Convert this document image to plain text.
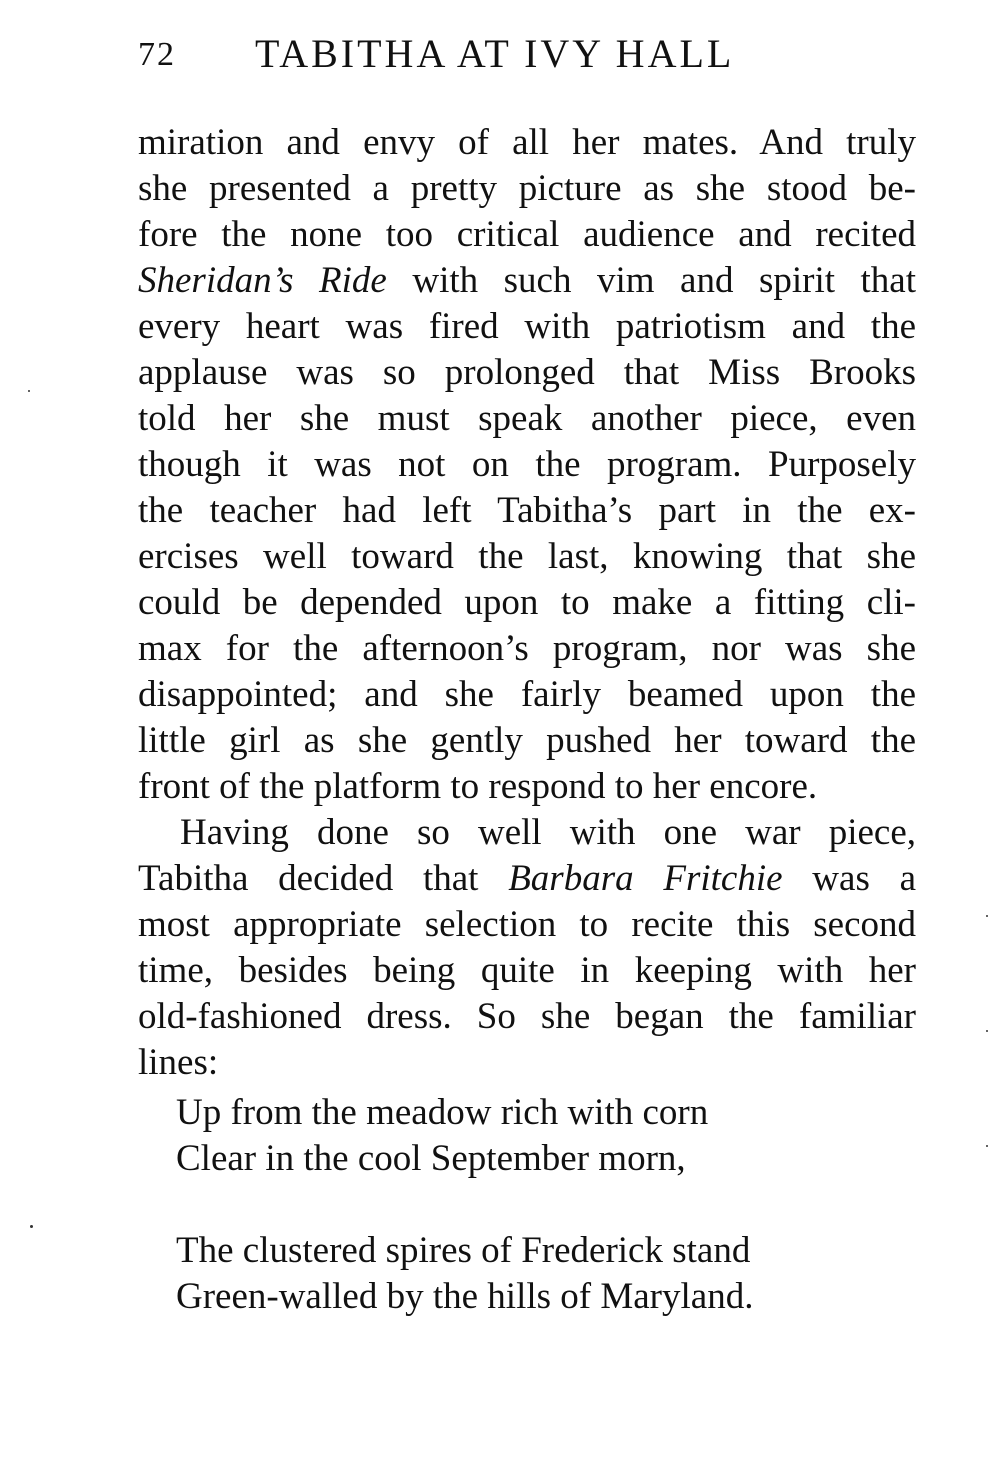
72 TABITHA AT IVY HALL
miration and envy of all her mates. And truly
she presented a pretty picture as she stood be-
fore the none too critical audience and recited
Sheridan’s Ride with such vim and spirit that
every heart was fired with patriotism and the
applause was so prolonged that Miss Brooks
told her she must speak another piece, even
though it was not on the program. Purposely
the teacher had left Tabitha’s part in the ex-
ercises well toward the last, knowing that she
could be depended upon to make a fitting cli-
max for the afternoon’s program, nor was she
disappointed; and she fairly beamed upon the
little girl as she gently pushed her toward the
front of the platform to respond to her encore.
Having done so well with one war piece,
Tabitha decided that Barbara Fritchie was a
most appropriate selection to recite this second
time, besides being quite in keeping with her
old-fashioned dress. So she began the familiar
lines:
Up from the meadow rich with corn
Clear in the cool September morn,
The clustered spires of Frederick stand
Green-walled by the hills of Maryland.
